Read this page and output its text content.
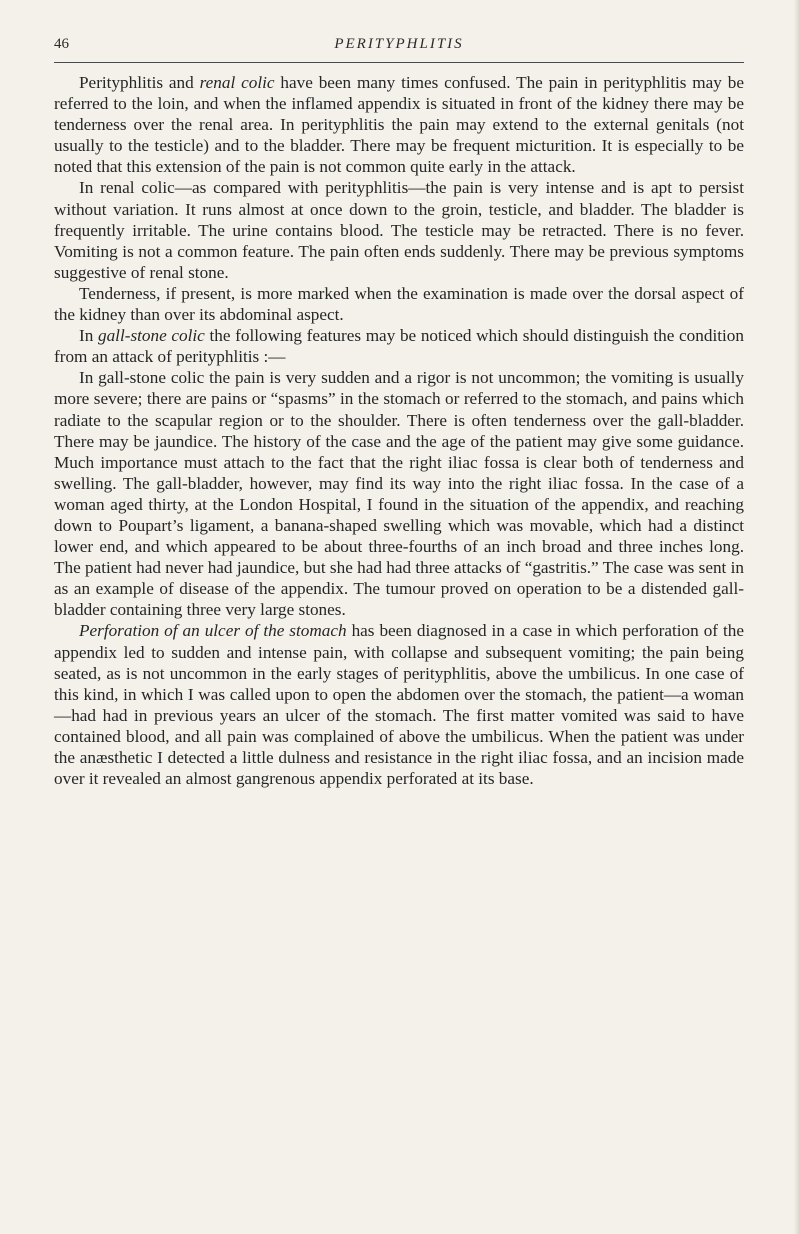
46	PERITYPHLITIS

Perityphlitis and renal colic have been many times confused. The pain in perityphlitis may be referred to the loin, and when the inflamed appendix is situated in front of the kidney there may be tenderness over the renal area. In perityphlitis the pain may extend to the external genitals (not usually to the testicle) and to the bladder. There may be frequent micturition. It is especially to be noted that this extension of the pain is not common quite early in the attack.

In renal colic—as compared with perityphlitis—the pain is very intense and is apt to persist without variation. It runs almost at once down to the groin, testicle, and bladder. The bladder is frequently irritable. The urine contains blood. The testicle may be retracted. There is no fever. Vomiting is not a common feature. The pain often ends suddenly. There may be previous symptoms suggestive of renal stone.

Tenderness, if present, is more marked when the examination is made over the dorsal aspect of the kidney than over its abdominal aspect.

In gall-stone colic the following features may be noticed which should distinguish the condition from an attack of perityphlitis :—

In gall-stone colic the pain is very sudden and a rigor is not uncommon; the vomiting is usually more severe; there are pains or “spasms” in the stomach or referred to the stomach, and pains which radiate to the scapular region or to the shoulder. There is often tenderness over the gall-bladder. There may be jaundice. The history of the case and the age of the patient may give some guidance. Much importance must attach to the fact that the right iliac fossa is clear both of tenderness and swelling. The gall-bladder, however, may find its way into the right iliac fossa. In the case of a woman aged thirty, at the London Hospital, I found in the situation of the appendix, and reaching down to Poupart’s ligament, a banana-shaped swelling which was movable, which had a distinct lower end, and which appeared to be about three-fourths of an inch broad and three inches long. The patient had never had jaundice, but she had had three attacks of “gastritis.” The case was sent in as an example of disease of the appendix. The tumour proved on operation to be a distended gall-bladder containing three very large stones.

Perforation of an ulcer of the stomach has been diagnosed in a case in which perforation of the appendix led to sudden and intense pain, with collapse and subsequent vomiting; the pain being seated, as is not uncommon in the early stages of perityphlitis, above the umbilicus. In one case of this kind, in which I was called upon to open the abdomen over the stomach, the patient—a woman—had had in previous years an ulcer of the stomach. The first matter vomited was said to have contained blood, and all pain was complained of above the umbilicus. When the patient was under the anæsthetic I detected a little dulness and resistance in the right iliac fossa, and an incision made over it revealed an almost gangrenous appendix perforated at its base.
